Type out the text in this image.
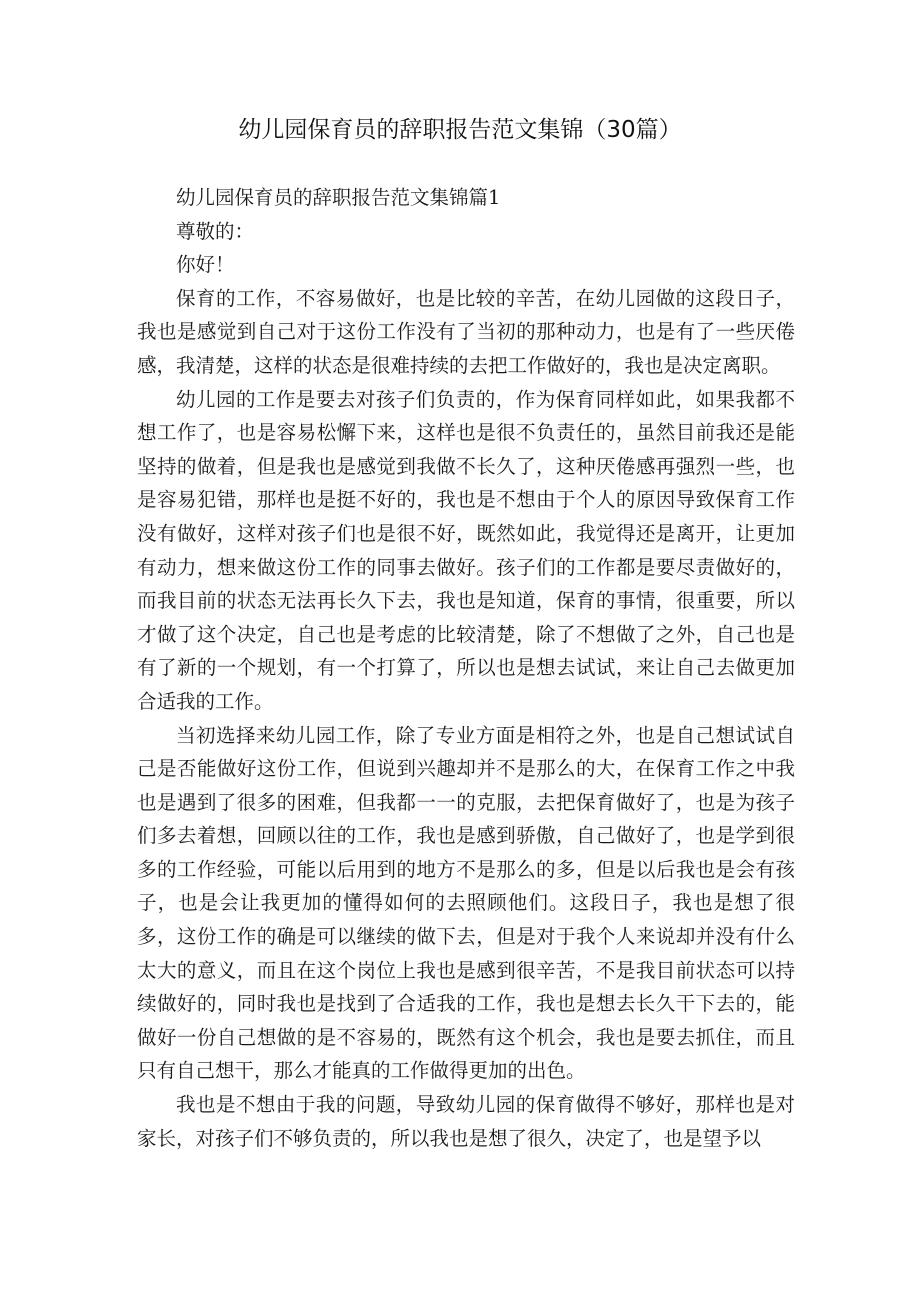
幼儿园保育员的辞职报告范文集锦（30篇）

幼儿园保育员的辞职报告范文集锦篇1

尊敬的：

你好！

保育的工作，不容易做好，也是比较的辛苦，在幼儿园做的这段日子，我也是感觉到自己对于这份工作没有了当初的那种动力，也是有了一些厌倦感，我清楚，这样的状态是很难持续的去把工作做好的，我也是决定离职。

幼儿园的工作是要去对孩子们负责的，作为保育同样如此，如果我都不想工作了，也是容易松懈下来，这样也是很不负责任的，虽然目前我还是能坚持的做着，但是我也是感觉到我做不长久了，这种厌倦感再强烈一些，也是容易犯错，那样也是挺不好的，我也是不想由于个人的原因导致保育工作没有做好，这样对孩子们也是很不好，既然如此，我觉得还是离开，让更加有动力，想来做这份工作的同事去做好。孩子们的工作都是要尽责做好的，而我目前的状态无法再长久下去，我也是知道，保育的事情，很重要，所以才做了这个决定，自己也是考虑的比较清楚，除了不想做了之外，自己也是有了新的一个规划，有一个打算了，所以也是想去试试，来让自己去做更加合适我的工作。

当初选择来幼儿园工作，除了专业方面是相符之外，也是自己想试试自己是否能做好这份工作，但说到兴趣却并不是那么的大，在保育工作之中我也是遇到了很多的困难，但我都一一的克服，去把保育做好了，也是为孩子们多去着想，回顾以往的工作，我也是感到骄傲，自己做好了，也是学到很多的工作经验，可能以后用到的地方不是那么的多，但是以后我也是会有孩子，也是会让我更加的懂得如何的去照顾他们。这段日子，我也是想了很多，这份工作的确是可以继续的做下去，但是对于我个人来说却并没有什么太大的意义，而且在这个岗位上我也是感到很辛苦，不是我目前状态可以持续做好的，同时我也是找到了合适我的工作，我也是想去长久干下去的，能做好一份自己想做的是不容易的，既然有这个机会，我也是要去抓住，而且只有自己想干，那么才能真的工作做得更加的出色。

我也是不想由于我的问题，导致幼儿园的保育做得不够好，那样也是对家长，对孩子们不够负责的，所以我也是想了很久，决定了，也是望予以
